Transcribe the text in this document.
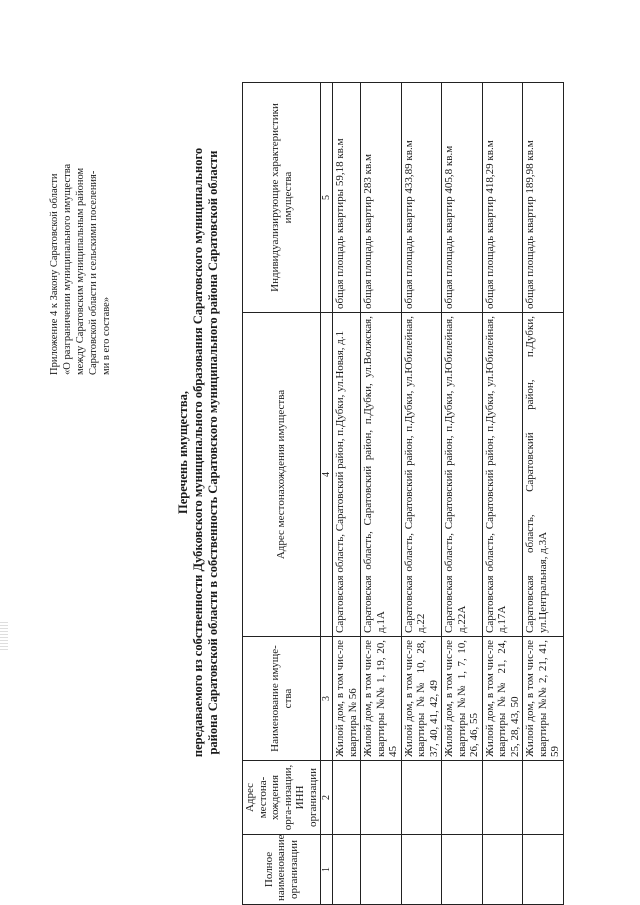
Приложение 4 к Закону Саратовской области «О разграничении муниципального имущества между Саратовским муниципальным районом Саратовской области и сельскими поселения- ми в его составе»
Перечень имущества, передаваемого из собственности Дубковского муниципального образования Саратовского муниципального района Саратовской области в собственность Саратовского муниципального района Саратовской области
Полное наименование организации	Адрес местона-хождения орга-низации, ИНН организации	Наименование имуще-ства	Адрес местонахождения имущества	Индивидуализирующие характеристики имущества
1	2	3	4	5
		Жилой дом, в том чис-ле квартира № 56	Саратовская область, Саратовский район, п.Дубки, ул.Новая, д.1	общая площадь квартиры 59,18 кв.м
		Жилой дом, в том чис-ле квартиры №№ 1, 19, 20, 45	Саратовская область, Саратовский район, п.Дубки, ул.Волжская, д.1А	общая площадь квартир 283 кв.м
		Жилой дом, в том чис-ле квартиры №№ 10, 28, 37, 40, 41, 42, 49	Саратовская область, Саратовский район, п.Дубки, ул.Юбилейная, д.22	общая площадь квартир 433,89 кв.м
		Жилой дом, в том чис-ле квартиры №№ 1, 7, 10, 26, 46, 55	Саратовская область, Саратовский район, п.Дубки, ул.Юбилейная, д.22А	общая площадь квартир 405,8 кв.м
		Жилой дом, в том чис-ле квартиры №№ 21, 24, 25, 28, 43, 50	Саратовская область, Саратовский район, п.Дубки, ул.Юбилейная, д.17А	общая площадь квартир 418,29 кв.м
		Жилой дом, в том чис-ле квартиры №№ 2, 21, 41, 59	Саратовская область, Саратовский район, п.Дубки, ул.Центральная, д.3А	общая площадь квартир 189,98 кв.м
